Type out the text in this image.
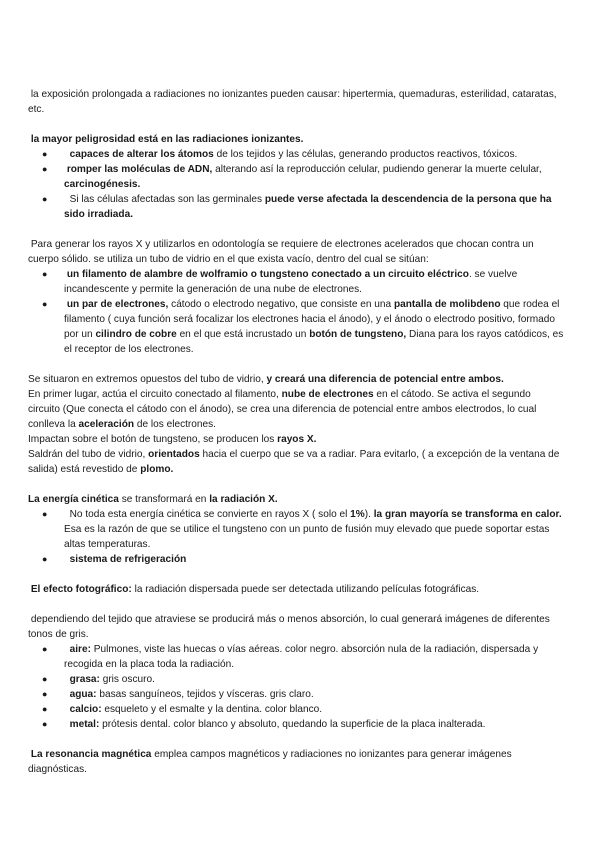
la exposición prolongada a radiaciones no ionizantes pueden causar: hipertermia, quemaduras, esterilidad, cataratas, etc.

la mayor peligrosidad está en las radiaciones ionizantes.

● capaces de alterar los átomos de los tejidos y las células, generando productos reactivos, tóxicos.
● romper las moléculas de ADN, alterando así la reproducción celular, pudiendo generar la muerte celular, carcinogénesis.
● Si las células afectadas son las germinales puede verse afectada la descendencia de la persona que ha sido irradiada.

Para generar los rayos X y utilizarlos en odontología se requiere de electrones acelerados que chocan contra un cuerpo sólido. se utiliza un tubo de vidrio en el que exista vacío, dentro del cual se sitúan:

● un filamento de alambre de wolframio o tungsteno conectado a un circuito eléctrico. se vuelve incandescente y permite la generación de una nube de electrones.
● un par de electrones, cátodo o electrodo negativo, que consiste en una pantalla de molibdeno que rodea el filamento ( cuya función será focalizar los electrones hacia el ánodo), y el ánodo o electrodo positivo, formado por un cilindro de cobre en el que está incrustado un botón de tungsteno, Diana para los rayos catódicos, es el receptor de los electrones.

Se situaron en extremos opuestos del tubo de vidrio, y creará una diferencia de potencial entre ambos.
En primer lugar, actúa el circuito conectado al filamento, nube de electrones en el cátodo. Se activa el segundo circuito (Que conecta el cátodo con el ánodo), se crea una diferencia de potencial entre ambos electrodos, lo cual conlleva la aceleración de los electrones.
Impactan sobre el botón de tungsteno, se producen los rayos X.
Saldrán del tubo de vidrio, orientados hacia el cuerpo que se va a radiar. Para evitarlo, ( a excepción de la ventana de salida) está revestido de plomo.

La energía cinética se transformará en la radiación X.

● No toda esta energía cinética se convierte en rayos X ( solo el 1%). la gran mayoría se transforma en calor. Esa es la razón de que se utilice el tungsteno con un punto de fusión muy elevado que puede soportar estas altas temperaturas.
● sistema de refrigeración

El efecto fotográfico: la radiación dispersada puede ser detectada utilizando películas fotográficas.

dependiendo del tejido que atraviese se producirá más o menos absorción, lo cual generará imágenes de diferentes tonos de gris.

● aire: Pulmones, viste las huecas o vías aéreas. color negro. absorción nula de la radiación, dispersada y recogida en la placa toda la radiación.
● grasa: gris oscuro.
● agua: basas sanguíneos, tejidos y vísceras. gris claro.
● calcio: esqueleto y el esmalte y la dentina. color blanco.
● metal: prótesis dental. color blanco y absoluto, quedando la superficie de la placa inalterada.

La resonancia magnética emplea campos magnéticos y radiaciones no ionizantes para generar imágenes diagnósticas.
